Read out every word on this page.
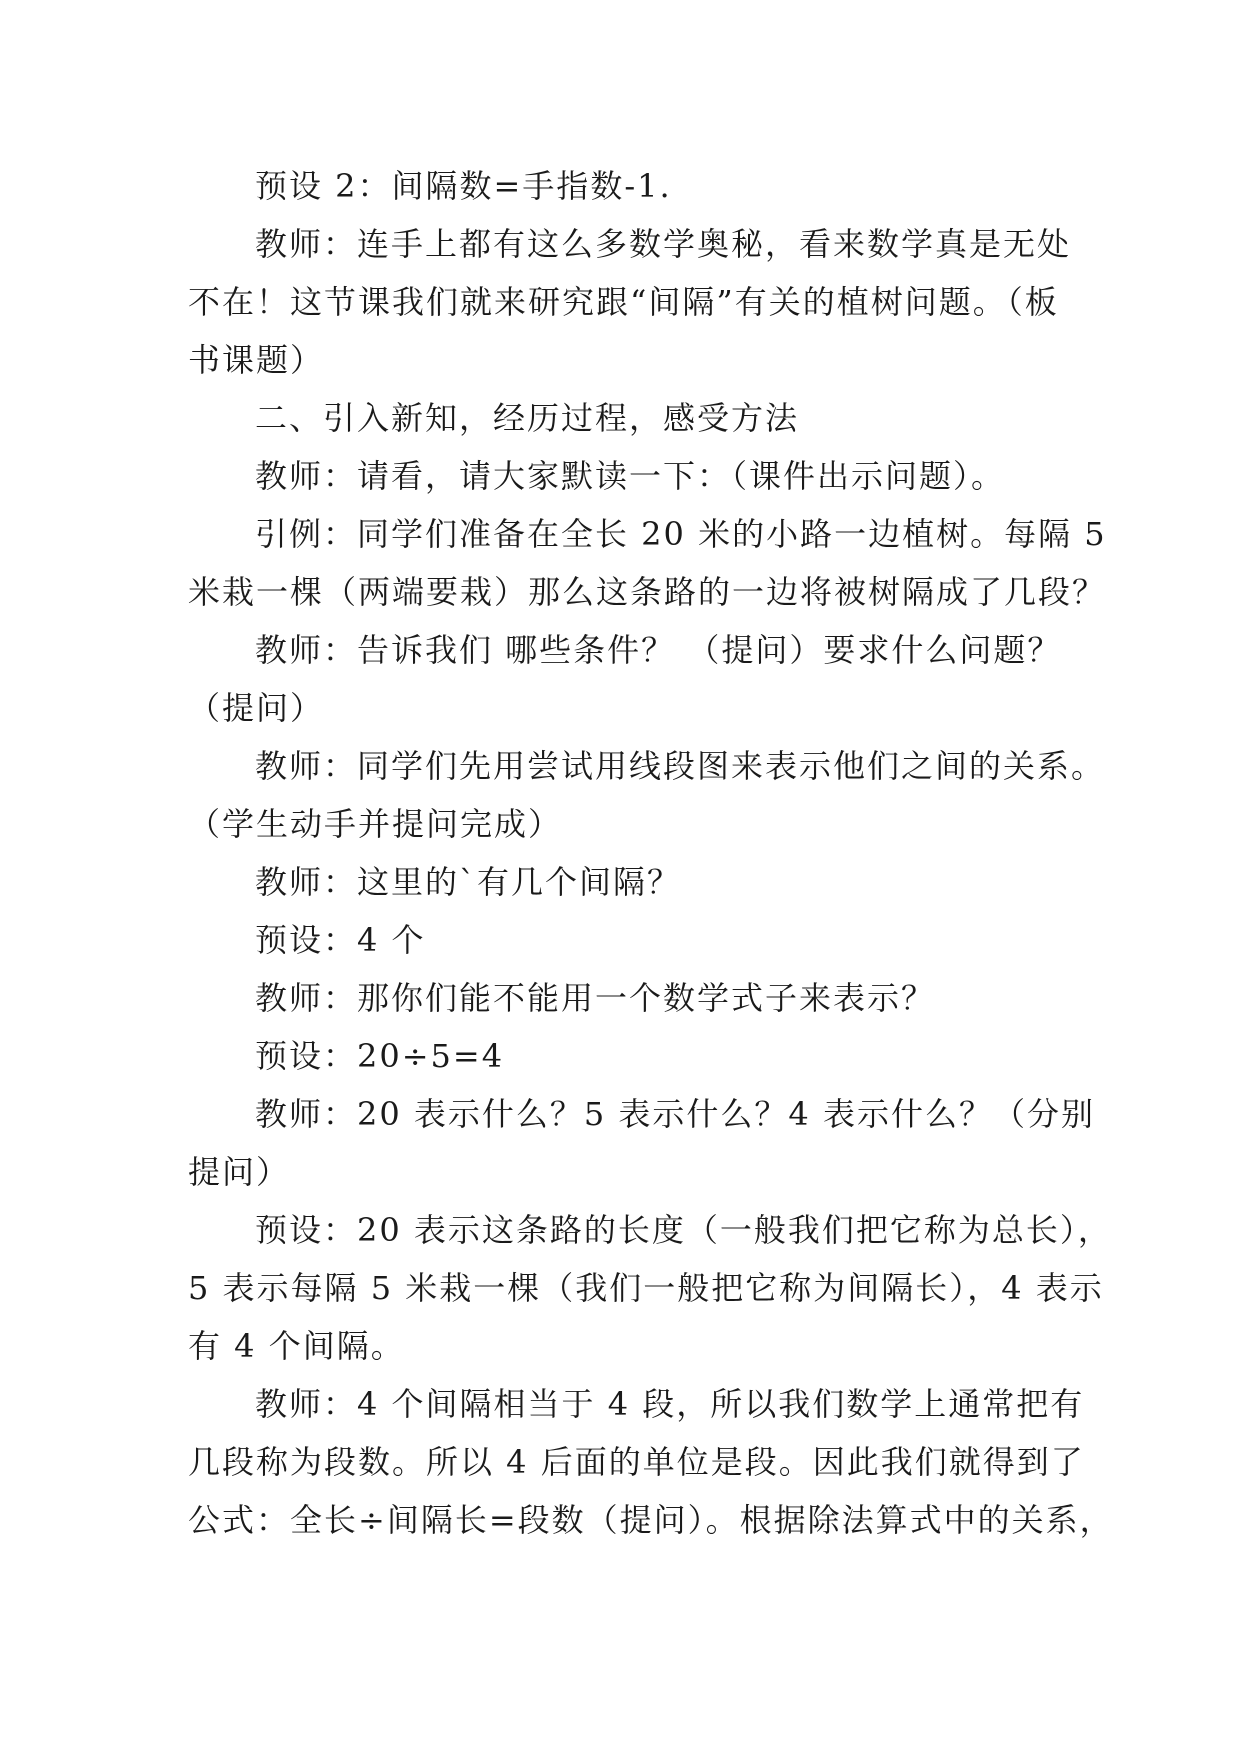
预设 2：间隔数=手指数-1.
教师：连手上都有这么多数学奥秘，看来数学真是无处
不在！这节课我们就来研究跟“间隔”有关的植树问题。（板
书课题）
二、引入新知，经历过程，感受方法
教师：请看，请大家默读一下：（课件出示问题）。
引例：同学们准备在全长 20 米的小路一边植树。每隔 5
米栽一棵（两端要栽）那么这条路的一边将被树隔成了几段？
教师：告诉我们 哪些条件？ （提问）要求什么问题？
（提问）
教师：同学们先用尝试用线段图来表示他们之间的关系。
（学生动手并提问完成）
教师：这里的`有几个间隔？
预设：4 个
教师：那你们能不能用一个数学式子来表示？
预设：20÷5=4
教师：20 表示什么？5 表示什么？4 表示什么？（分别
提问）
预设：20 表示这条路的长度（一般我们把它称为总长），
5 表示每隔 5 米栽一棵（我们一般把它称为间隔长），4 表示
有 4 个间隔。
教师：4 个间隔相当于 4 段，所以我们数学上通常把有
几段称为段数。所以 4 后面的单位是段。因此我们就得到了
公式：全长÷间隔长=段数（提问）。根据除法算式中的关系，
